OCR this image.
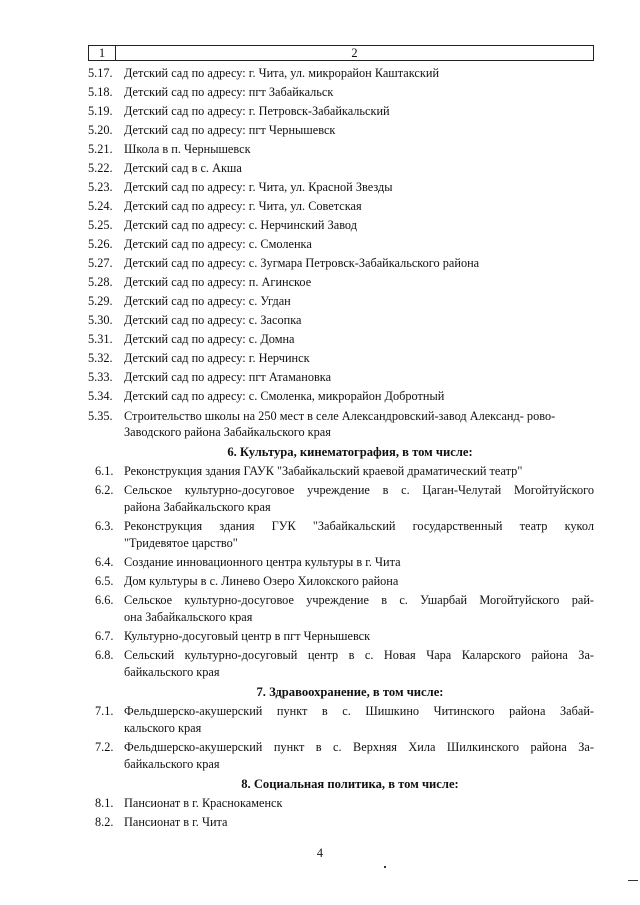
1	2
5.17. Детский сад по адресу: г. Чита, ул. микрорайон Каштакский
5.18. Детский сад по адресу: пгт Забайкальск
5.19. Детский сад по адресу: г. Петровск-Забайкальский
5.20. Детский сад по адресу: пгт Чернышевск
5.21. Школа в п. Чернышевск
5.22. Детский сад в с. Акша
5.23. Детский сад по адресу: г. Чита, ул. Красной Звезды
5.24. Детский сад по адресу: г. Чита, ул. Советская
5.25. Детский сад по адресу: с. Нерчинский Завод
5.26. Детский сад по адресу: с. Смоленка
5.27. Детский сад по адресу: с. Зугмара Петровск-Забайкальского района
5.28. Детский сад по адресу: п. Агинское
5.29. Детский сад по адресу: с. Угдан
5.30. Детский сад по адресу: с. Засопка
5.31. Детский сад по адресу: с. Домна
5.32. Детский сад по адресу: г. Нерчинск
5.33. Детский сад по адресу: пгт Атамановка
5.34. Детский сад по адресу: с. Смоленка, микрорайон Добротный
5.35. Строительство школы на 250 мест в селе Александровский-завод Александ- рово-Заводского района Забайкальского края
6. Культура, кинематография, в том числе:
6.1. Реконструкция здания ГАУК "Забайкальский краевой драматический театр"
6.2. Сельское культурно-досуговое учреждение в с. Цаган-Челутай Могойтуйского
района Забайкальского края
6.3. Реконструкция здания ГУК "Забайкальский государственный театр кукол
"Тридевятое царство"
6.4. Создание инновационного центра культуры в г. Чита
6.5. Дом культуры в с. Линево Озеро Хилокского района
6.6. Сельское культурно-досуговое учреждение в с. Ушарбай Могойтуйского рай-
она Забайкальского края
6.7. Культурно-досуговый центр в пгт Чернышевск
6.8. Сельский культурно-досуговый центр в с. Новая Чара Каларского района За-
байкальского края
7. Здравоохранение, в том числе:
7.1. Фельдшерско-акушерский пункт в с. Шишкино Читинского района Забай-
кальского края
7.2. Фельдшерско-акушерский пункт в с. Верхняя Хила Шилкинского района За-
байкальского края
8. Социальная политика, в том числе:
8.1. Пансионат в г. Краснокаменск
8.2. Пансионат в г. Чита
4
